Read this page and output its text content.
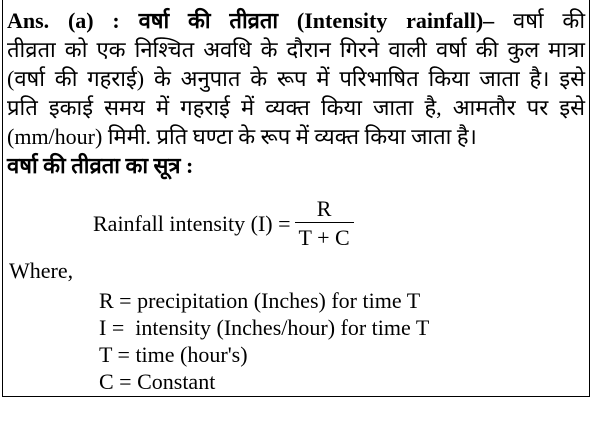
Ans. (a) : वर्षा की तीव्रता (Intensity rainfall)– वर्षा की
तीव्रता को एक निश्चित अवधि के दौरान गिरने वाली वर्षा की कुल मात्रा
(वर्षा की गहराई) के अनुपात के रूप में परिभाषित किया जाता है। इसे
प्रति इकाई समय में गहराई में व्यक्त किया जाता है, आमतौर पर इसे
(mm/hour) मिमी. प्रति घण्टा के रूप में व्यक्त किया जाता है।
वर्षा की तीव्रता का सूत्र :
Rainfall intensity $(I) = \frac{R}{T + C}$
Where,
R = precipitation (Inches) for time T
I =  intensity (Inches/hour) for time T
T = time (hour's)
C = Constant
